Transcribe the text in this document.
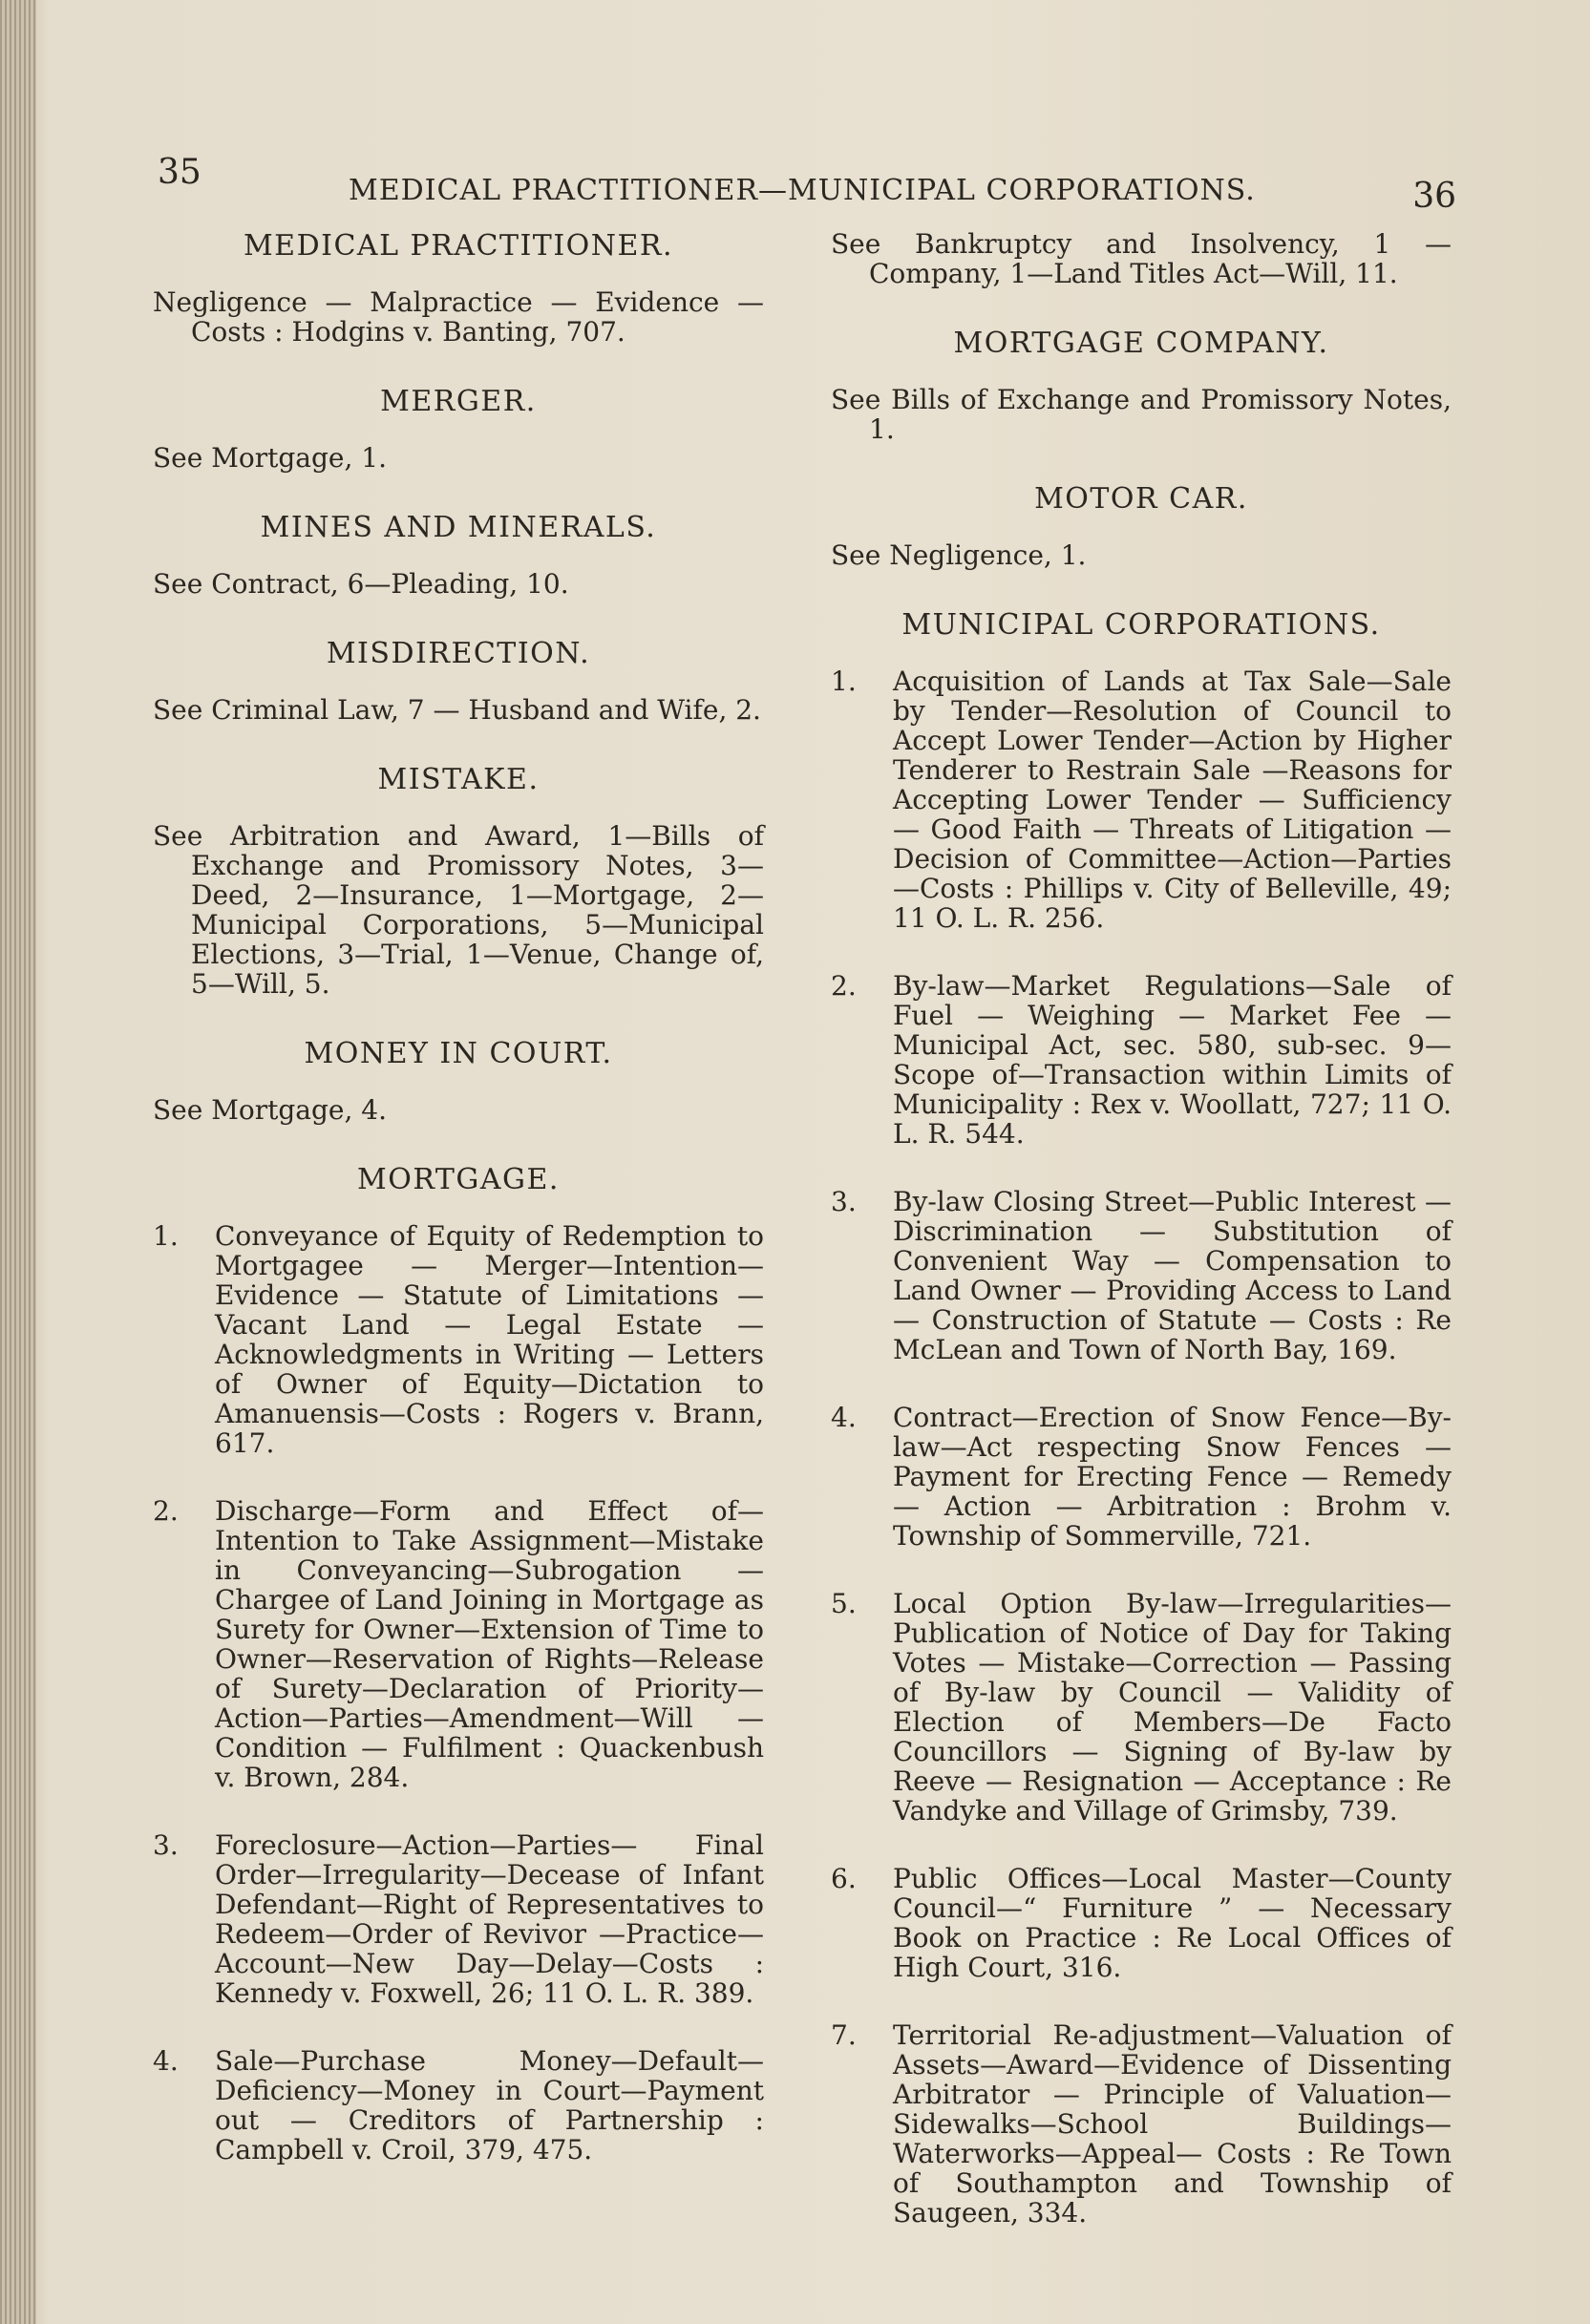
35	MEDICAL PRACTITIONER—MUNICIPAL CORPORATIONS.	36
MEDICAL PRACTITIONER.

Negligence — Malpractice — Evidence — Costs : Hodgins v. Banting, 707.

MERGER.

See Mortgage, 1.

MINES AND MINERALS.

See Contract, 6—Pleading, 10.

MISDIRECTION.

See Criminal Law, 7 — Husband and Wife, 2.

MISTAKE.

See Arbitration and Award, 1—Bills of Exchange and Promissory Notes, 3—Deed, 2—Insurance, 1—Mortgage, 2—Municipal Corporations, 5—Municipal Elections, 3—Trial, 1—Venue, Change of, 5—Will, 5.

MONEY IN COURT.

See Mortgage, 4.

MORTGAGE.
1. Conveyance of Equity of Redemption to Mortgagee — Merger—Intention—Evidence — Statute of Limitations — Vacant Land — Legal Estate — Acknowledgments in Writing — Letters of Owner of Equity—Dictation to Amanuensis—Costs : Rogers v. Brann, 617.
2. Discharge—Form and Effect of—Intention to Take Assignment—Mistake in Conveyancing—Subrogation —Chargee of Land Joining in Mortgage as Surety for Owner—Extension of Time to Owner—Reservation of Rights—Release of Surety—Declaration of Priority—Action—Parties—Amendment—Will — Condition — Fulfilment : Quackenbush v. Brown, 284.
3. Foreclosure—Action—Parties— Final Order—Irregularity—Decease of Infant Defendant—Right of Representatives to Redeem—Order of Revivor —Practice—Account—New Day—Delay—Costs : Kennedy v. Foxwell, 26; 11 O. L. R. 389.
4. Sale—Purchase Money—Default—Deficiency—Money in Court—Payment out — Creditors of Partnership : Campbell v. Croil, 379, 475.

See Bankruptcy and Insolvency, 1 — Company, 1—Land Titles Act—Will, 11.

MORTGAGE COMPANY.

See Bills of Exchange and Promissory Notes, 1.

MOTOR CAR.

See Negligence, 1.

MUNICIPAL CORPORATIONS.
1. Acquisition of Lands at Tax Sale—Sale by Tender—Resolution of Council to Accept Lower Tender—Action by Higher Tenderer to Restrain Sale —Reasons for Accepting Lower Tender — Sufficiency — Good Faith — Threats of Litigation — Decision of Committee—Action—Parties—Costs : Phillips v. City of Belleville, 49; 11 O. L. R. 256.
2. By-law—Market Regulations—Sale of Fuel — Weighing — Market Fee — Municipal Act, sec. 580, sub-sec. 9—Scope of—Transaction within Limits of Municipality : Rex v. Woollatt, 727; 11 O. L. R. 544.
3. By-law Closing Street—Public Interest — Discrimination — Substitution of Convenient Way — Compensation to Land Owner — Providing Access to Land — Construction of Statute — Costs : Re McLean and Town of North Bay, 169.
4. Contract—Erection of Snow Fence—By-law—Act respecting Snow Fences — Payment for Erecting Fence — Remedy — Action — Arbitration : Brohm v. Township of Sommerville, 721.
5. Local Option By-law—Irregularities—Publication of Notice of Day for Taking Votes — Mistake—Correction — Passing of By-law by Council — Validity of Election of Members—De Facto Councillors — Signing of By-law by Reeve — Resignation — Acceptance : Re Vandyke and Village of Grimsby, 739.
6. Public Offices—Local Master—County Council—“ Furniture ” — Necessary Book on Practice : Re Local Offices of High Court, 316.
7. Territorial Re-adjustment—Valuation of Assets—Award—Evidence of Dissenting Arbitrator — Principle of Valuation—Sidewalks—School Buildings—Waterworks—Appeal— Costs : Re Town of Southampton and Township of Saugeen, 334.
